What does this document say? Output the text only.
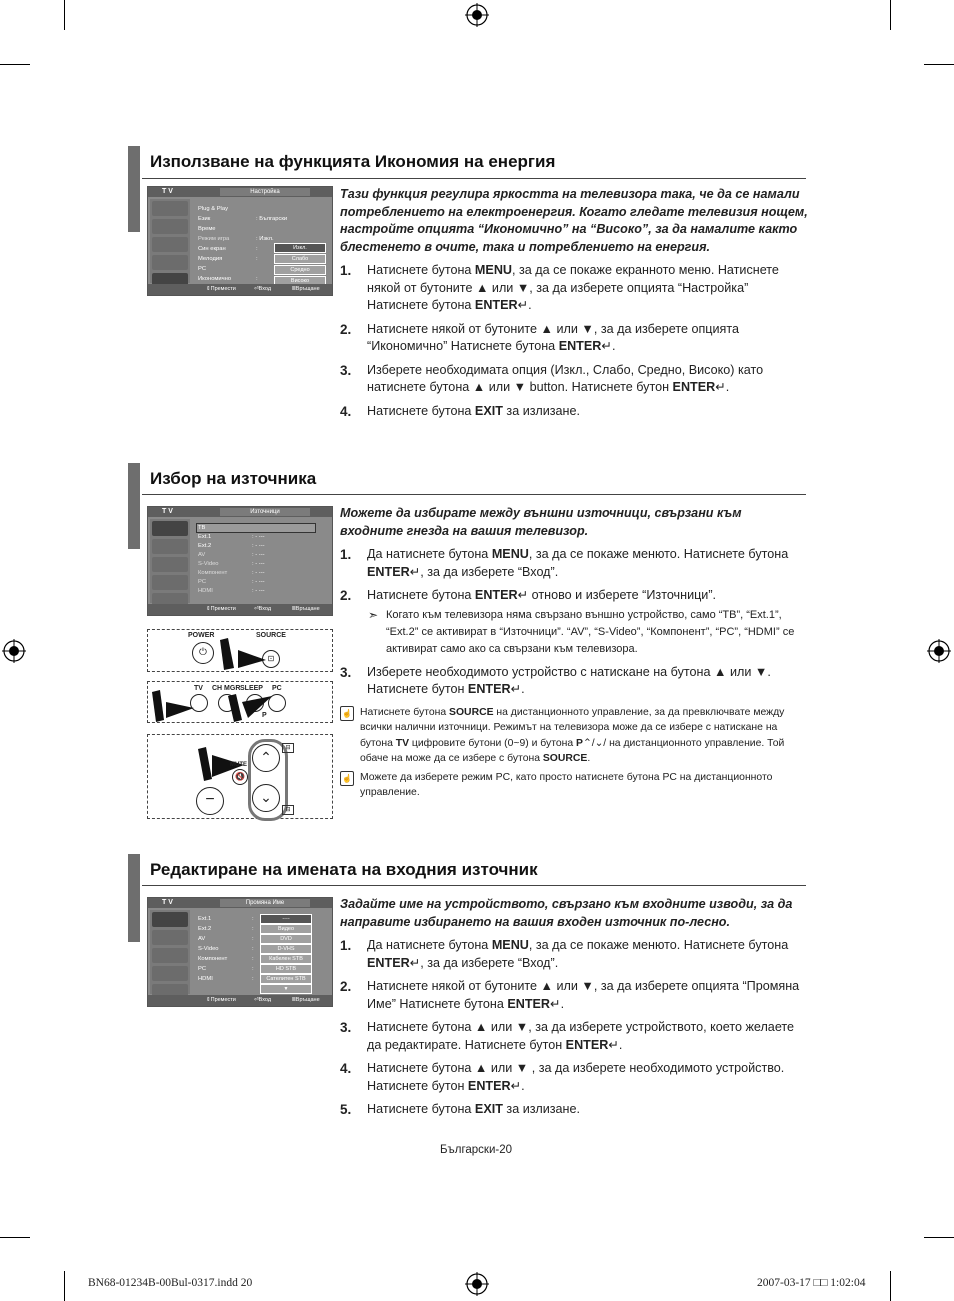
Използване на функцията Икономия на енергия
T V	Настройка
Plug & Play
Език	: Български
Време
Режим игра	: Изкл.
Син екран	:
Мелодия	:
PC
Икономично	:
Изкл.
Слабо
Средно
Високо
⇕ Премести	⏎ Вход	Ⅲ Връщане

Тази функция регулира яркостта на телевизора така, че да се намали потреблението на електроенергия. Когато гледате телевизия нощем, настройте опцията “Икономично” на “Високо”, за да намалите както блестенето в очите, така и потреблението на енергия.

1. Натиснете бутона MENU, за да се покаже екранното меню. Натиснете някой от бутоните ▲ или ▼, за да изберете опцията “Настройка” Натиснете бутона ENTER↵.
2. Натиснете някой от бутоните ▲ или ▼, за да изберете опцията “Икономично” Натиснете бутона ENTER↵.
3. Изберете необходимата опция (Изкл., Слабо, Средно, Високо) като натиснете бутона ▲ или ▼ button. Натиснете бутон ENTER↵.
4. Натиснете бутона EXIT за излизане.
Избор на източника
T V	Източници
ТВ
Ext.1	: - ---
Ext.2	: - ---
AV	: - ---
S-Video	: - ---
Компонент	: - ---
PC	: - ---
HDMI	: - ---
⇕ Премести	⏎ Вход	Ⅲ Връщане
POWER
⏻
SOURCE
⊡
TV CH MGR SLEEP PC
P
MUTE
🔇
−
⌃
⌄
⊟
⊟

Можете да избирате между външни източници, свързани към входните гнезда на вашия телевизор.

1. Да натиснете бутона MENU, за да се покаже менюто. Натиснете бутона ENTER↵, за да изберете “Вход”.
2. Натиснете бутона ENTER↵ отново и изберете “Източници”.

➣ Когато към телевизора няма свързано външно устройство, само “ТВ”, “Ext.1”, “Ext.2” се активират в “Източници”. “AV”, “S-Video”, “Компонент”, “PC”, “HDMI” се активират само ако са свързани към телевизора.

3. Изберете необходимото устройство с натискане на бутона ▲ или ▼. Натиснете бутон ENTER↵.
☝ Натиснете бутона SOURCE на дистанционното управление, за да превключвате между всички налични източници. Режимът на телевизора може да се избере с натискане на бутона TV цифровите бутони (0~9) и бутона P⌃/⌄/ на дистанционното управление. Той обаче на може да се избере с бутона SOURCE.
☝ Можете да изберете режим PC, като просто натиснете бутона PC на дистанционното управление.
Редактиране на имената на входния източник
T V	Промяна Име
Ext.1	:
Ext.2	:
AV	:
S-Video	:
Компонент	:
PC	:
HDMI	:
----
Видео
DVD
D-VHS
Кабелен STB
HD STB
Сателитен STB
▼
⇕ Премести	⏎ Вход	Ⅲ Връщане

Задайте име на устройството, свързано към входните изводи, за да направите избирането на вашия входен източник по-лесно.

1. Да натиснете бутона MENU, за да се покаже менюто. Натиснете бутона ENTER↵, за да изберете “Вход”.
2. Натиснете някой от бутоните ▲ или ▼, за да изберете опцията “Промяна Име” Натиснете бутона ENTER↵.
3. Натиснете бутона ▲ или ▼, за да изберете устройството, което желаете да редактирате. Натиснете бутон ENTER↵.
4. Натиснете бутона ▲ или ▼ , за да изберете необходимото устройство. Натиснете бутон ENTER↵.
5. Натиснете бутона EXIT за излизане.
Български-20
BN68-01234B-00Bul-0317.indd 20	2007-03-17 □□ 1:02:04
